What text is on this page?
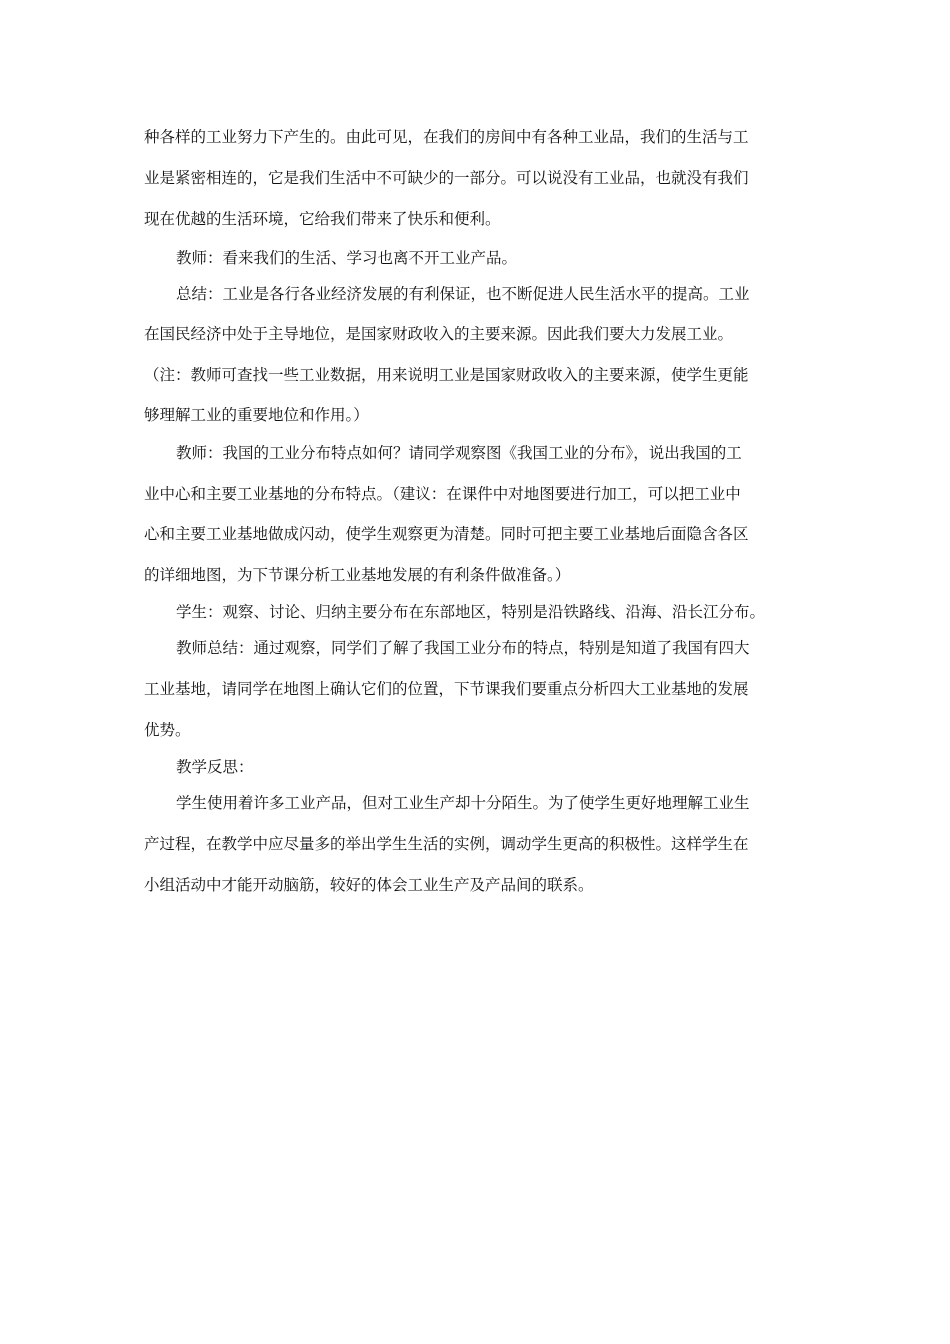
种各样的工业努力下产生的。由此可见，在我们的房间中有各种工业品，我们的生活与工
业是紧密相连的，它是我们生活中不可缺少的一部分。可以说没有工业品，也就没有我们
现在优越的生活环境，它给我们带来了快乐和便利。
教师：看来我们的生活、学习也离不开工业产品。
总结：工业是各行各业经济发展的有利保证，也不断促进人民生活水平的提高。工业
在国民经济中处于主导地位，是国家财政收入的主要来源。因此我们要大力发展工业。
（注：教师可查找一些工业数据，用来说明工业是国家财政收入的主要来源，使学生更能
够理解工业的重要地位和作用。）
教师：我国的工业分布特点如何？请同学观察图《我国工业的分布》，说出我国的工
业中心和主要工业基地的分布特点。（建议：在课件中对地图要进行加工，可以把工业中
心和主要工业基地做成闪动，使学生观察更为清楚。同时可把主要工业基地后面隐含各区
的详细地图，为下节课分析工业基地发展的有利条件做准备。）
学生：观察、讨论、归纳主要分布在东部地区，特别是沿铁路线、沿海、沿长江分布。
教师总结：通过观察，同学们了解了我国工业分布的特点，特别是知道了我国有四大
工业基地，请同学在地图上确认它们的位置，下节课我们要重点分析四大工业基地的发展
优势。
教学反思：
学生使用着许多工业产品，但对工业生产却十分陌生。为了使学生更好地理解工业生
产过程，在教学中应尽量多的举出学生生活的实例，调动学生更高的积极性。这样学生在
小组活动中才能开动脑筋，较好的体会工业生产及产品间的联系。
